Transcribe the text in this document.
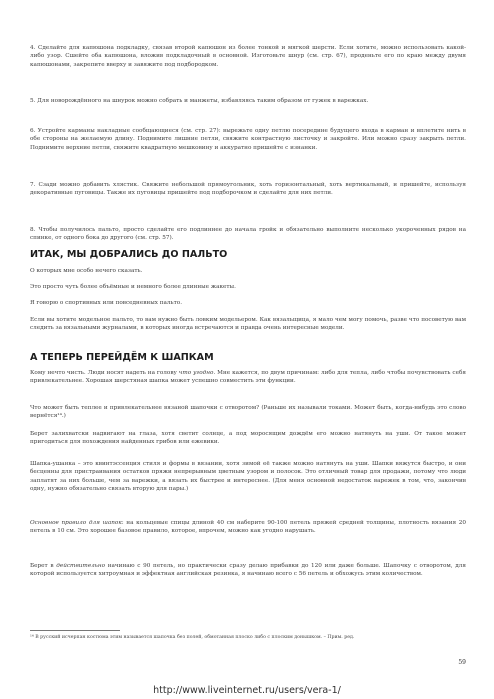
4. Сделайте для капюшона подкладку, связав второй капюшон из более тонкой и мягкой шерсти. Если хотите, можно использовать какой-либо узор. Сшейте оба капюшона, вложив подкладочный в основной. Изготовьте шнур (см. стр. 67), проденьте его по краю между двумя капюшонами, закрепите вверху и завяжите под подбородком.

5. Для новорождённого на шнурок можно собрать и манжеты, избавляясь таким образом от гужек в варежках.

6. Устройте карманы накладные сообщающиеся (см. стр. 27): вырежьте одну петлю посередине будущего входа в карман и вплетите нить в обе стороны на желаемую длину. Поднимите лишние петли, свяжите контрастную листочку и закройте. Или можно сразу закрыть петли. Поднимите верхние петли, свяжите квадратную мешковину и аккуратно пришейте с изнанки.

7. Сзади можно добавить хлястик. Свяжите небольшой прямоугольник, хоть горизонтальный, хоть вертикальный, и пришейте, используя декоративные пуговицы. Также их пуговицы пришейте под подборочком и сделайте для них петли.

8. Чтобы получилось пальто, просто сделайте его подлиннее до начала гройк и обязательно выполните несколько укороченных рядов на спинке, от одного бока до другого (см. стр. 57).

ИТАК, МЫ ДОБРАЛИСЬ ДО ПАЛЬТО

О которых мне особо нечего сказать.

Это просто чуть более объёмные и немного более длинные жакеты.

Я говорю о спортивных или повседневных пальто.

Если вы хотите модельное пальто, то вам нужно быть ловким модельером. Как вязальщица, я мало чем могу помочь, разве что посоветую вам следить за вязальными журналами, в которых иногда встречаются и правда очень интересные модели.

А ТЕПЕРЬ ПЕРЕЙДЁМ К ШАПКАМ

Кому нечто чисть. Люди носят надеть на голову что угодно. Мне кажется, по двум причинам: либо для тепла, либо чтобы почувствовать себя привлекательнее. Хорошая шерстяная шапка может успешно совместить эти функции.

Что может быть теплее и привлекательнее вязаной шапочки с отворотом? (Раньше их называли токами. Может быть, когда-нибудь это слово вернётся¹⁴.)

Берет залихватски надвигают на глаза, хотя светит солнце, а под моросящим дождём его можно натянуть на уши. От такое может пригодиться для похождения найденных грибов или ежевики.

Шапка-ушанка – это квинтэссенция стиля и формы в вязании, хотя зимой её также можно натянуть на уши. Шапки вяжутся быстро, и они бесценны для пристраивания остатков пряжи непрерывным цветным узором и полосок. Это отличный товар для продажи, потому что люди заплатят за них больше, чем за варежки, а вязать их быстрее и интереснее. (Для меня основной недостаток варежек в том, что, закончив одну, нужно обязательно связать вторую для пары.)

Основное правило для шапок: на кольцевые спицы длиной 40 см наберите 90-100 петель пряжей средней толщины, плотность вязания 20 петель в 10 см. Это хорошее базовое правило, которое, впрочем, можно как угодно нарушать.

Берет в действительно начинаю с 90 петель, но практически сразу делаю прибавки до 120 или даже больше. Шапочку с отворотом, для которой используется хитроумная и эффектная английская резинка, я начинаю всего с 56 петель и обхожусь этим количеством.

¹⁴ В русский исчерпан костюма этим называется шапочка без полей, обмотанная плоско либо с плоским донышком. – Прим. ред.

59
http://www.liveinternet.ru/users/vera-1/
